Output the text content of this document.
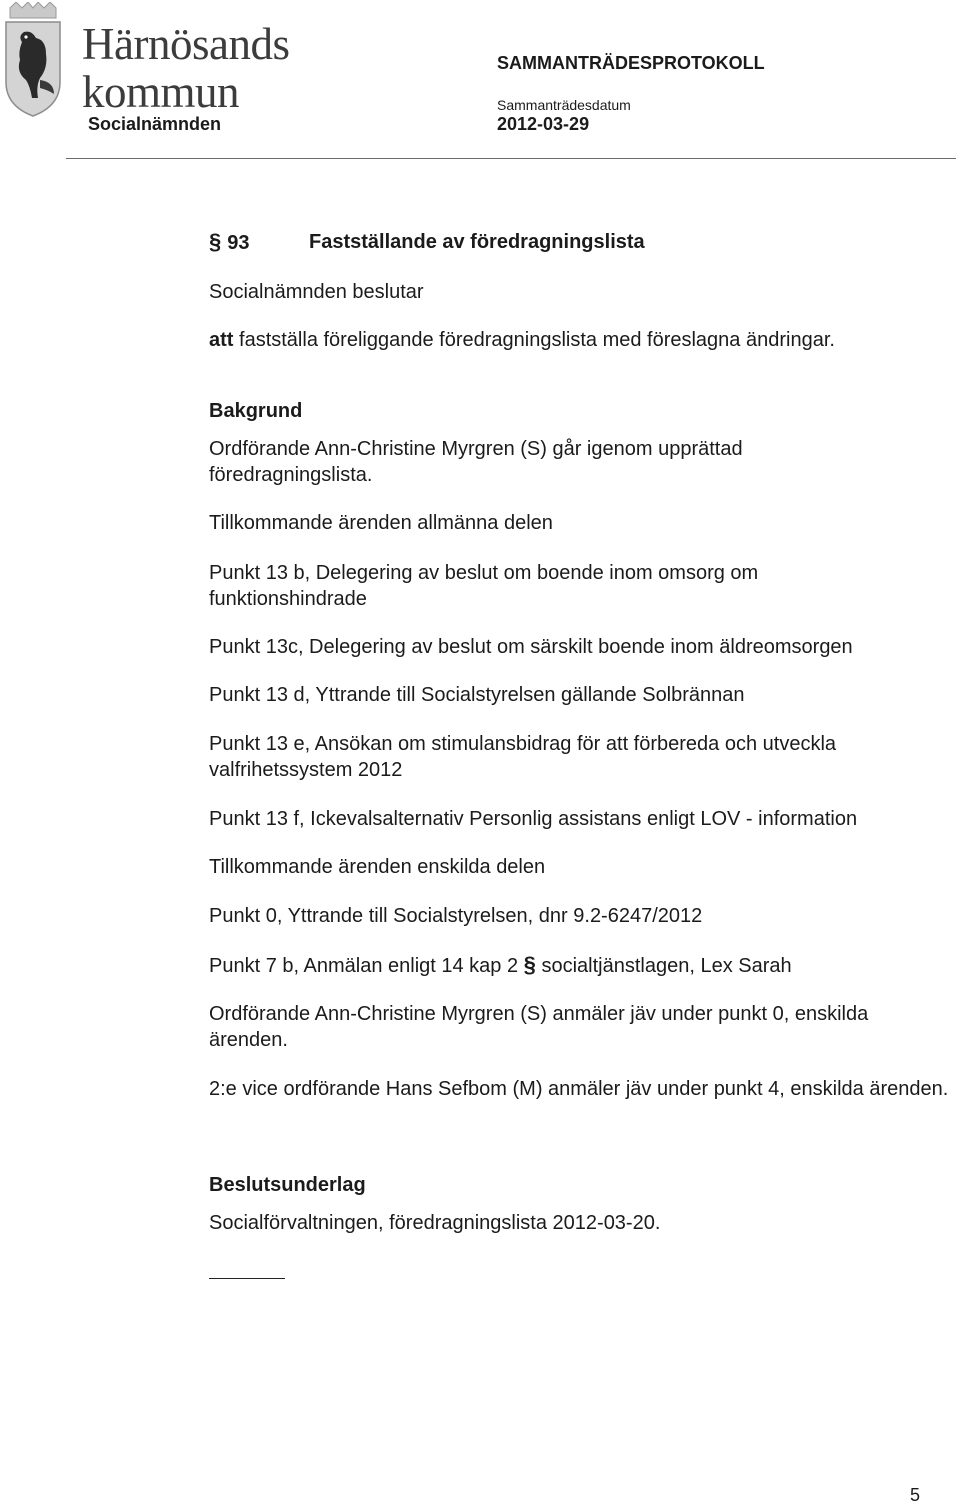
Härnösands
kommun
Socialnämnden
SAMMANTRÄDESPROTOKOLL
Sammanträdesdatum
2012-03-29
§ 93	Fastställande av föredragningslista
Socialnämnden beslutar
att fastställa föreliggande föredragningslista med föreslagna ändringar.
Bakgrund
Ordförande Ann-Christine Myrgren (S) går igenom upprättad föredragningslista.
Tillkommande ärenden allmänna delen
Punkt 13 b, Delegering av beslut om boende inom omsorg om funktionshindrade
Punkt 13c, Delegering av beslut om särskilt boende inom äldreomsorgen
Punkt 13 d, Yttrande till Socialstyrelsen gällande Solbrännan
Punkt 13 e, Ansökan om stimulansbidrag för att förbereda och utveckla valfrihetssystem 2012
Punkt 13 f, Ickevalsalternativ Personlig assistans enligt LOV - information
Tillkommande ärenden enskilda delen
Punkt 0, Yttrande till Socialstyrelsen, dnr 9.2-6247/2012
Punkt 7 b, Anmälan enligt 14 kap 2 § socialtjänstlagen, Lex Sarah
Ordförande Ann-Christine Myrgren (S) anmäler jäv under punkt 0, enskilda ärenden.
2:e vice ordförande Hans Sefbom (M) anmäler jäv under punkt 4, enskilda ärenden.
Beslutsunderlag
Socialförvaltningen, föredragningslista 2012-03-20.
5
